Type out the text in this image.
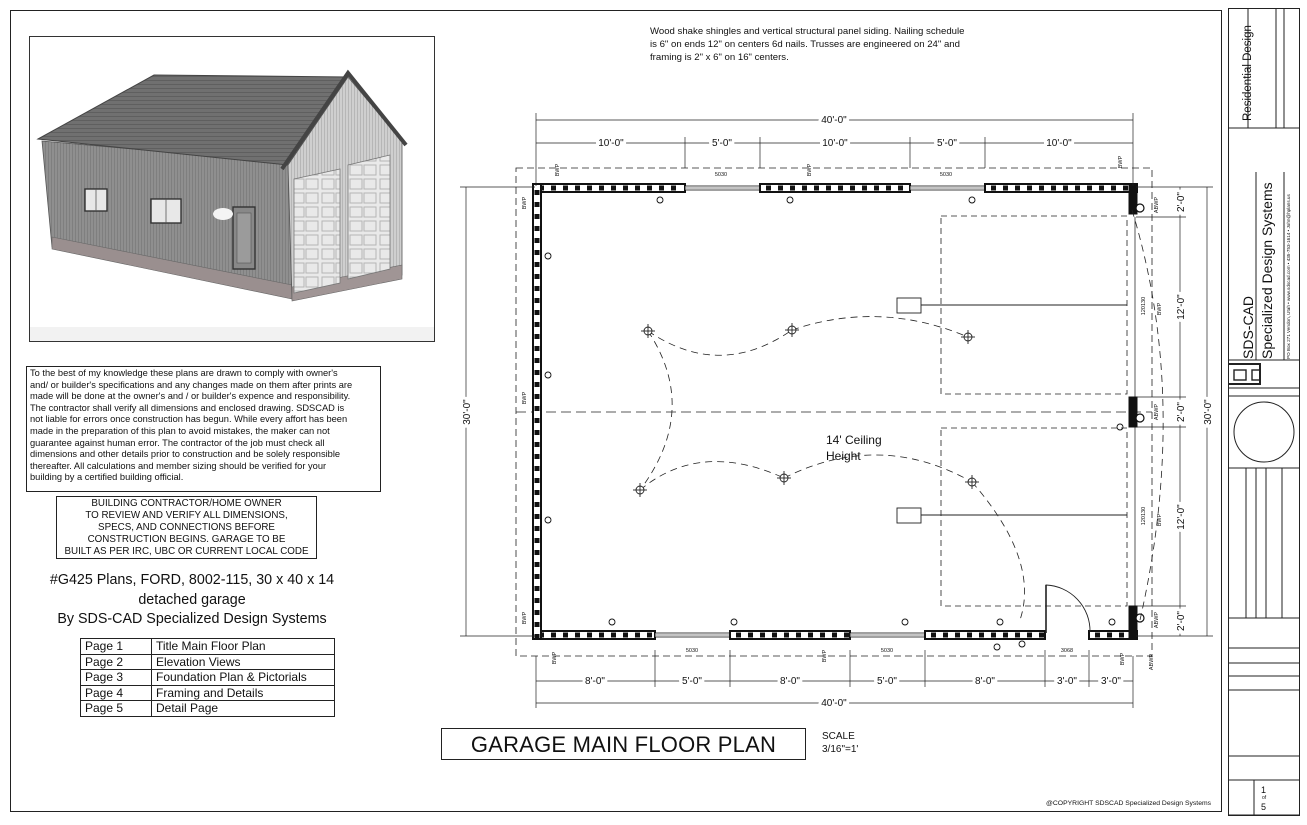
Wood shake shingles and vertical structural panel siding. Nailing schedule
is 6" on ends 12" on centers 6d nails. Trusses are engineered on 24" and
framing is 2" x 6" on 16" centers.
To the best of my knowledge these plans are drawn to comply with owner's
and/ or builder's specifications and any changes made on them after prints are
made will be done at the owner's and / or builder's expence and responsibility.
The contractor shall verify all dimensions and enclosed drawing. SDSCAD is
not liable for errors once construction has begun. While every affort has been
made in the preparation of this plan to avoid mistakes, the maker can not
guarantee against human error. The contractor of the job must check all
dimensions and other details prior to construction and be solely responsible
thereafter. All calculations and member sizing should be verified for your
building by a certified building official.
BUILDING CONTRACTOR/HOME OWNER
TO REVIEW AND VERIFY ALL DIMENSIONS,
SPECS, AND CONNECTIONS BEFORE
CONSTRUCTION BEGINS. GARAGE TO BE
BUILT AS PER IRC, UBC OR CURRENT LOCAL CODE
#G425 Plans, FORD, 8002-115, 30 x 40 x 14
detached garage
By SDS-CAD Specialized Design Systems
Page 1	Title Main Floor Plan
Page 2	Elevation Views
Page 3	Foundation Plan & Pictorials
Page 4	Framing and Details
Page 5	Detail Page
40'-0"
10'-0"	5'-0"	10'-0"	5'-0"	10'-0"
8'-0"	5'-0"	8'-0"	5'-0"	8'-0"	3'-0" 3'-0"
40'-0"
30'-0"	30'-0"
2'-0"
12'-0"
2'-0"
12'-0"
2'-0"
5030	5030
5030	5030	3068
120130
120130
BWP	BWP
BWP
BWP
BWP
BWP
BWP	BWP	BWP
BWP
BWP
ABWP
ABWP
ABWP
ABWP
14' Ceiling
Height
GARAGE MAIN FLOOR PLAN	SCALE
3/16"=1'
@COPYRIGHT SDSCAD Specialized Design Systems
Residential Design
SDS-CAD Specialized Design Systems PO Box 271 Vendon, Utah • www.sdscad.com • 435-753-1614 • John@hplans.us
1
of
5
